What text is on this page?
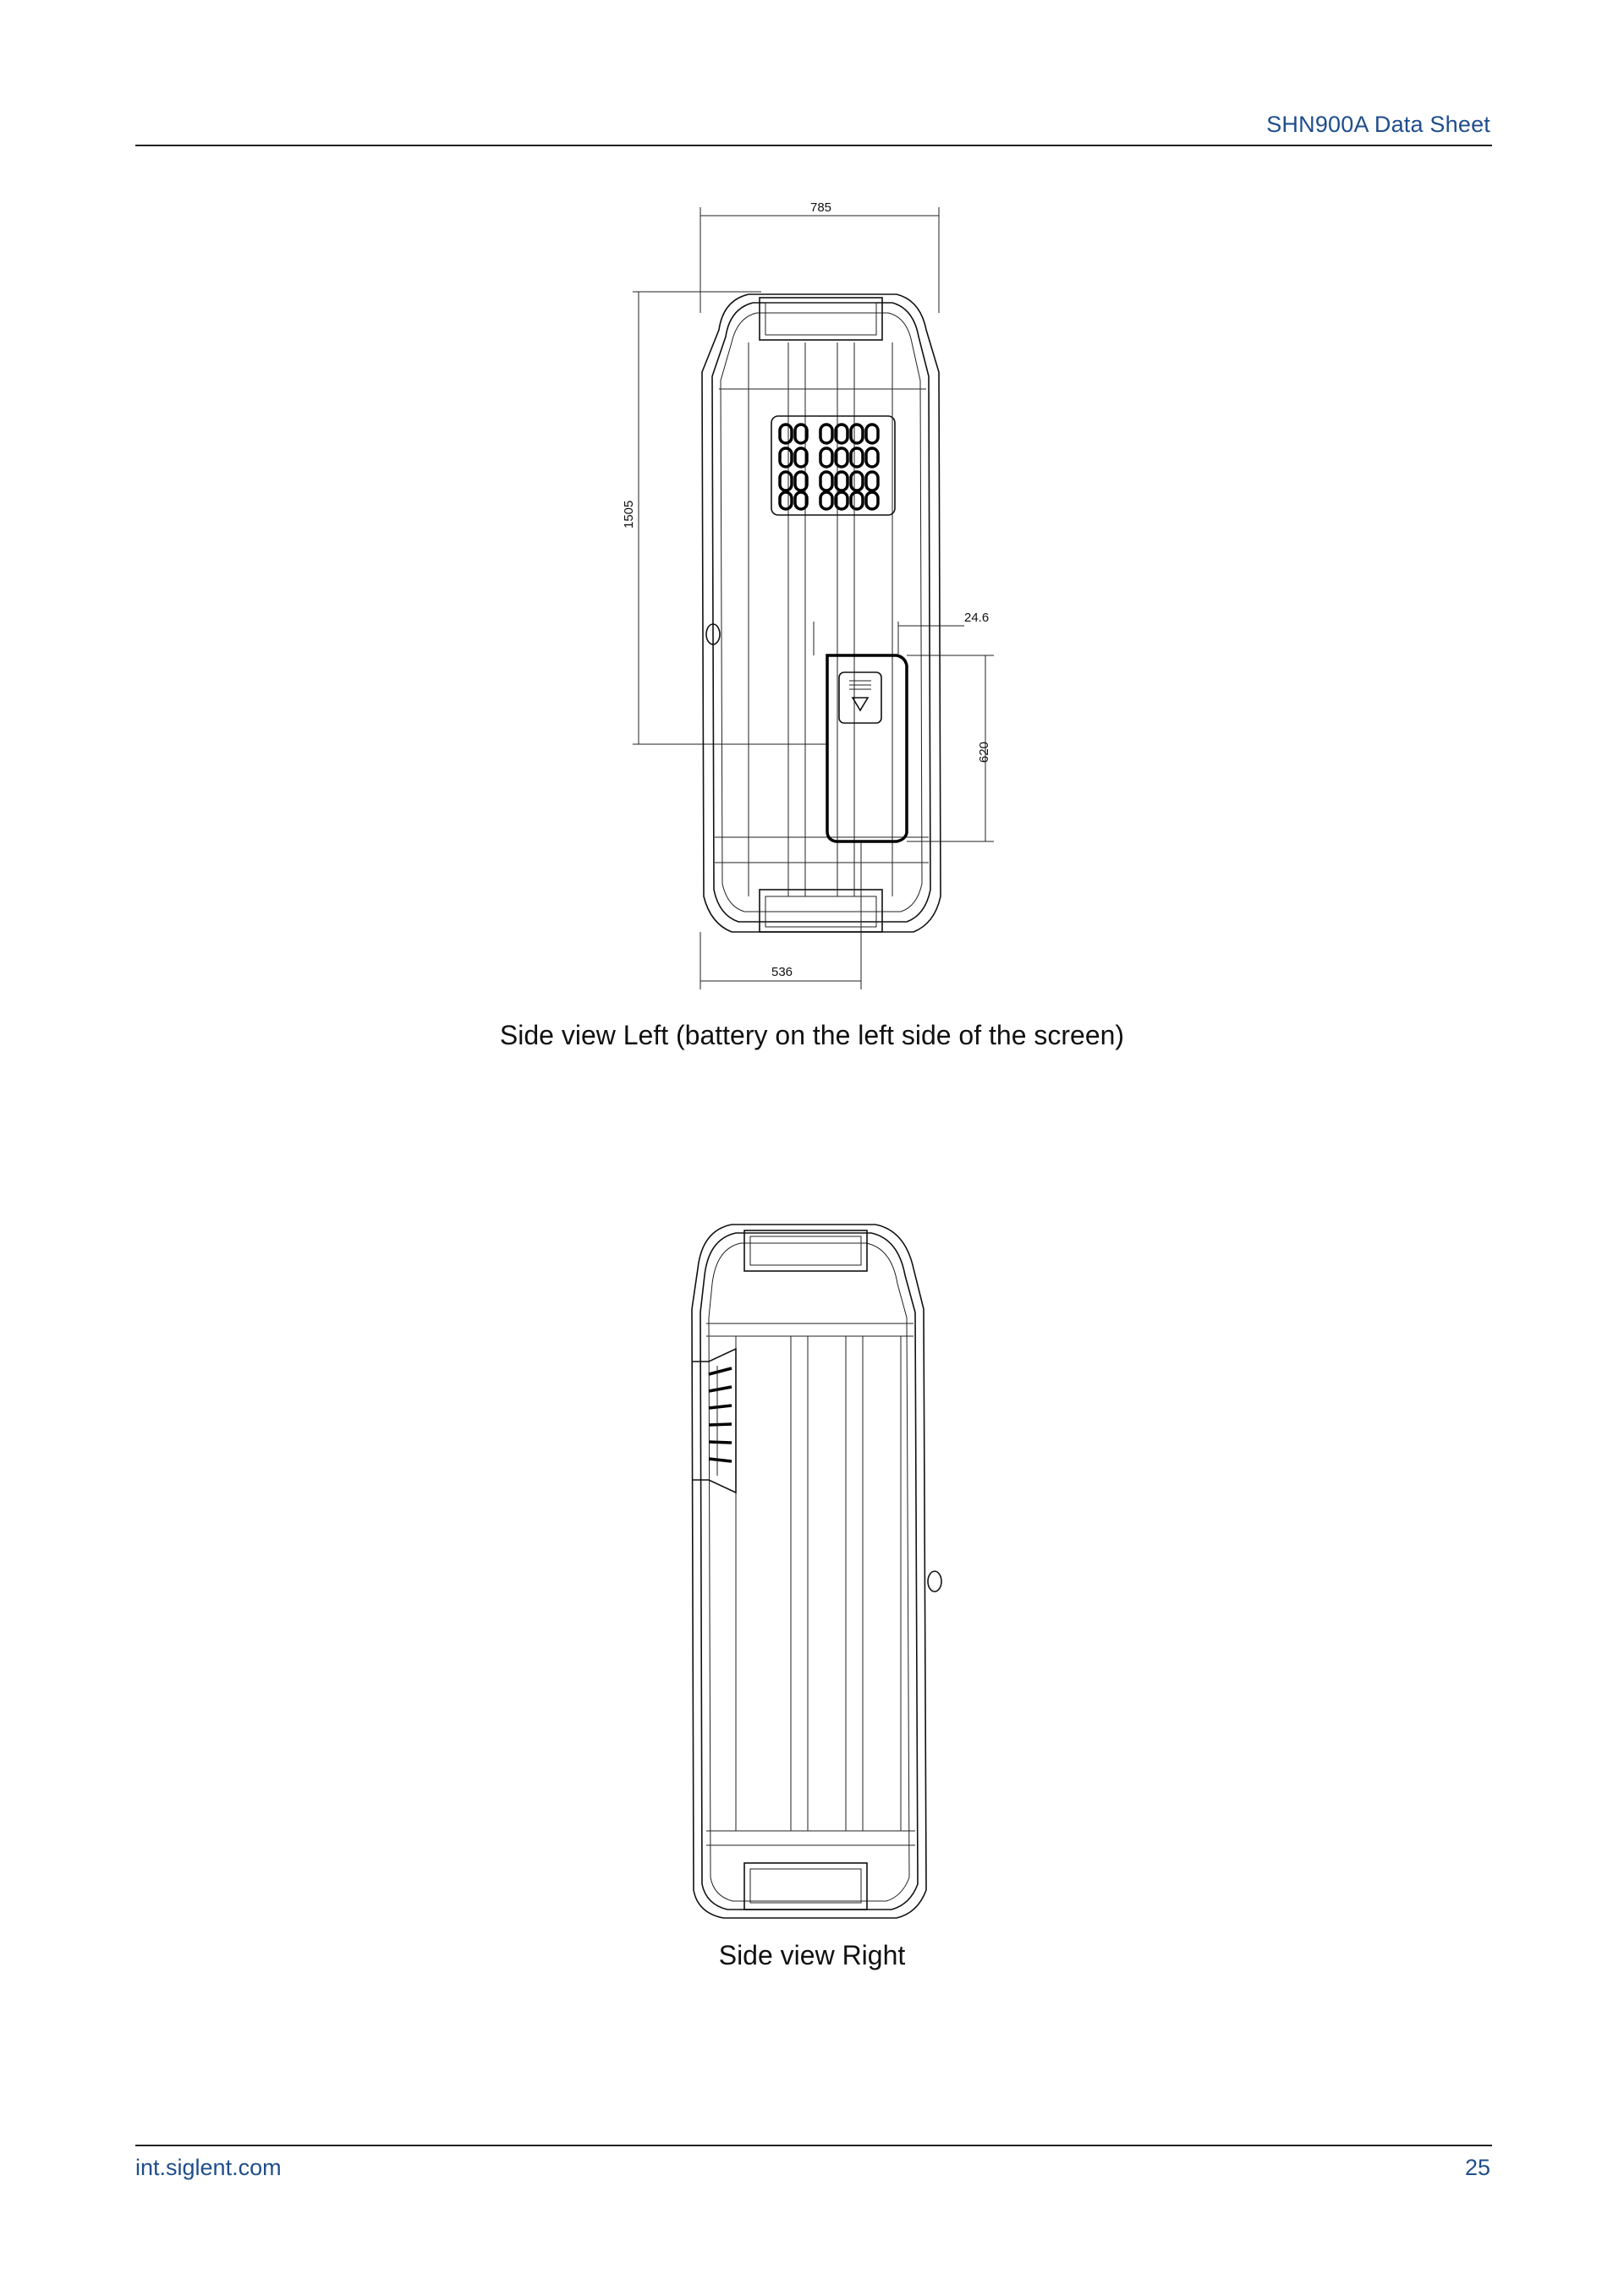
SHN900A Data Sheet
785
1505
24.6
620
536
Side view Left (battery on the left side of the screen)
Side view Right
int.siglent.com	25
